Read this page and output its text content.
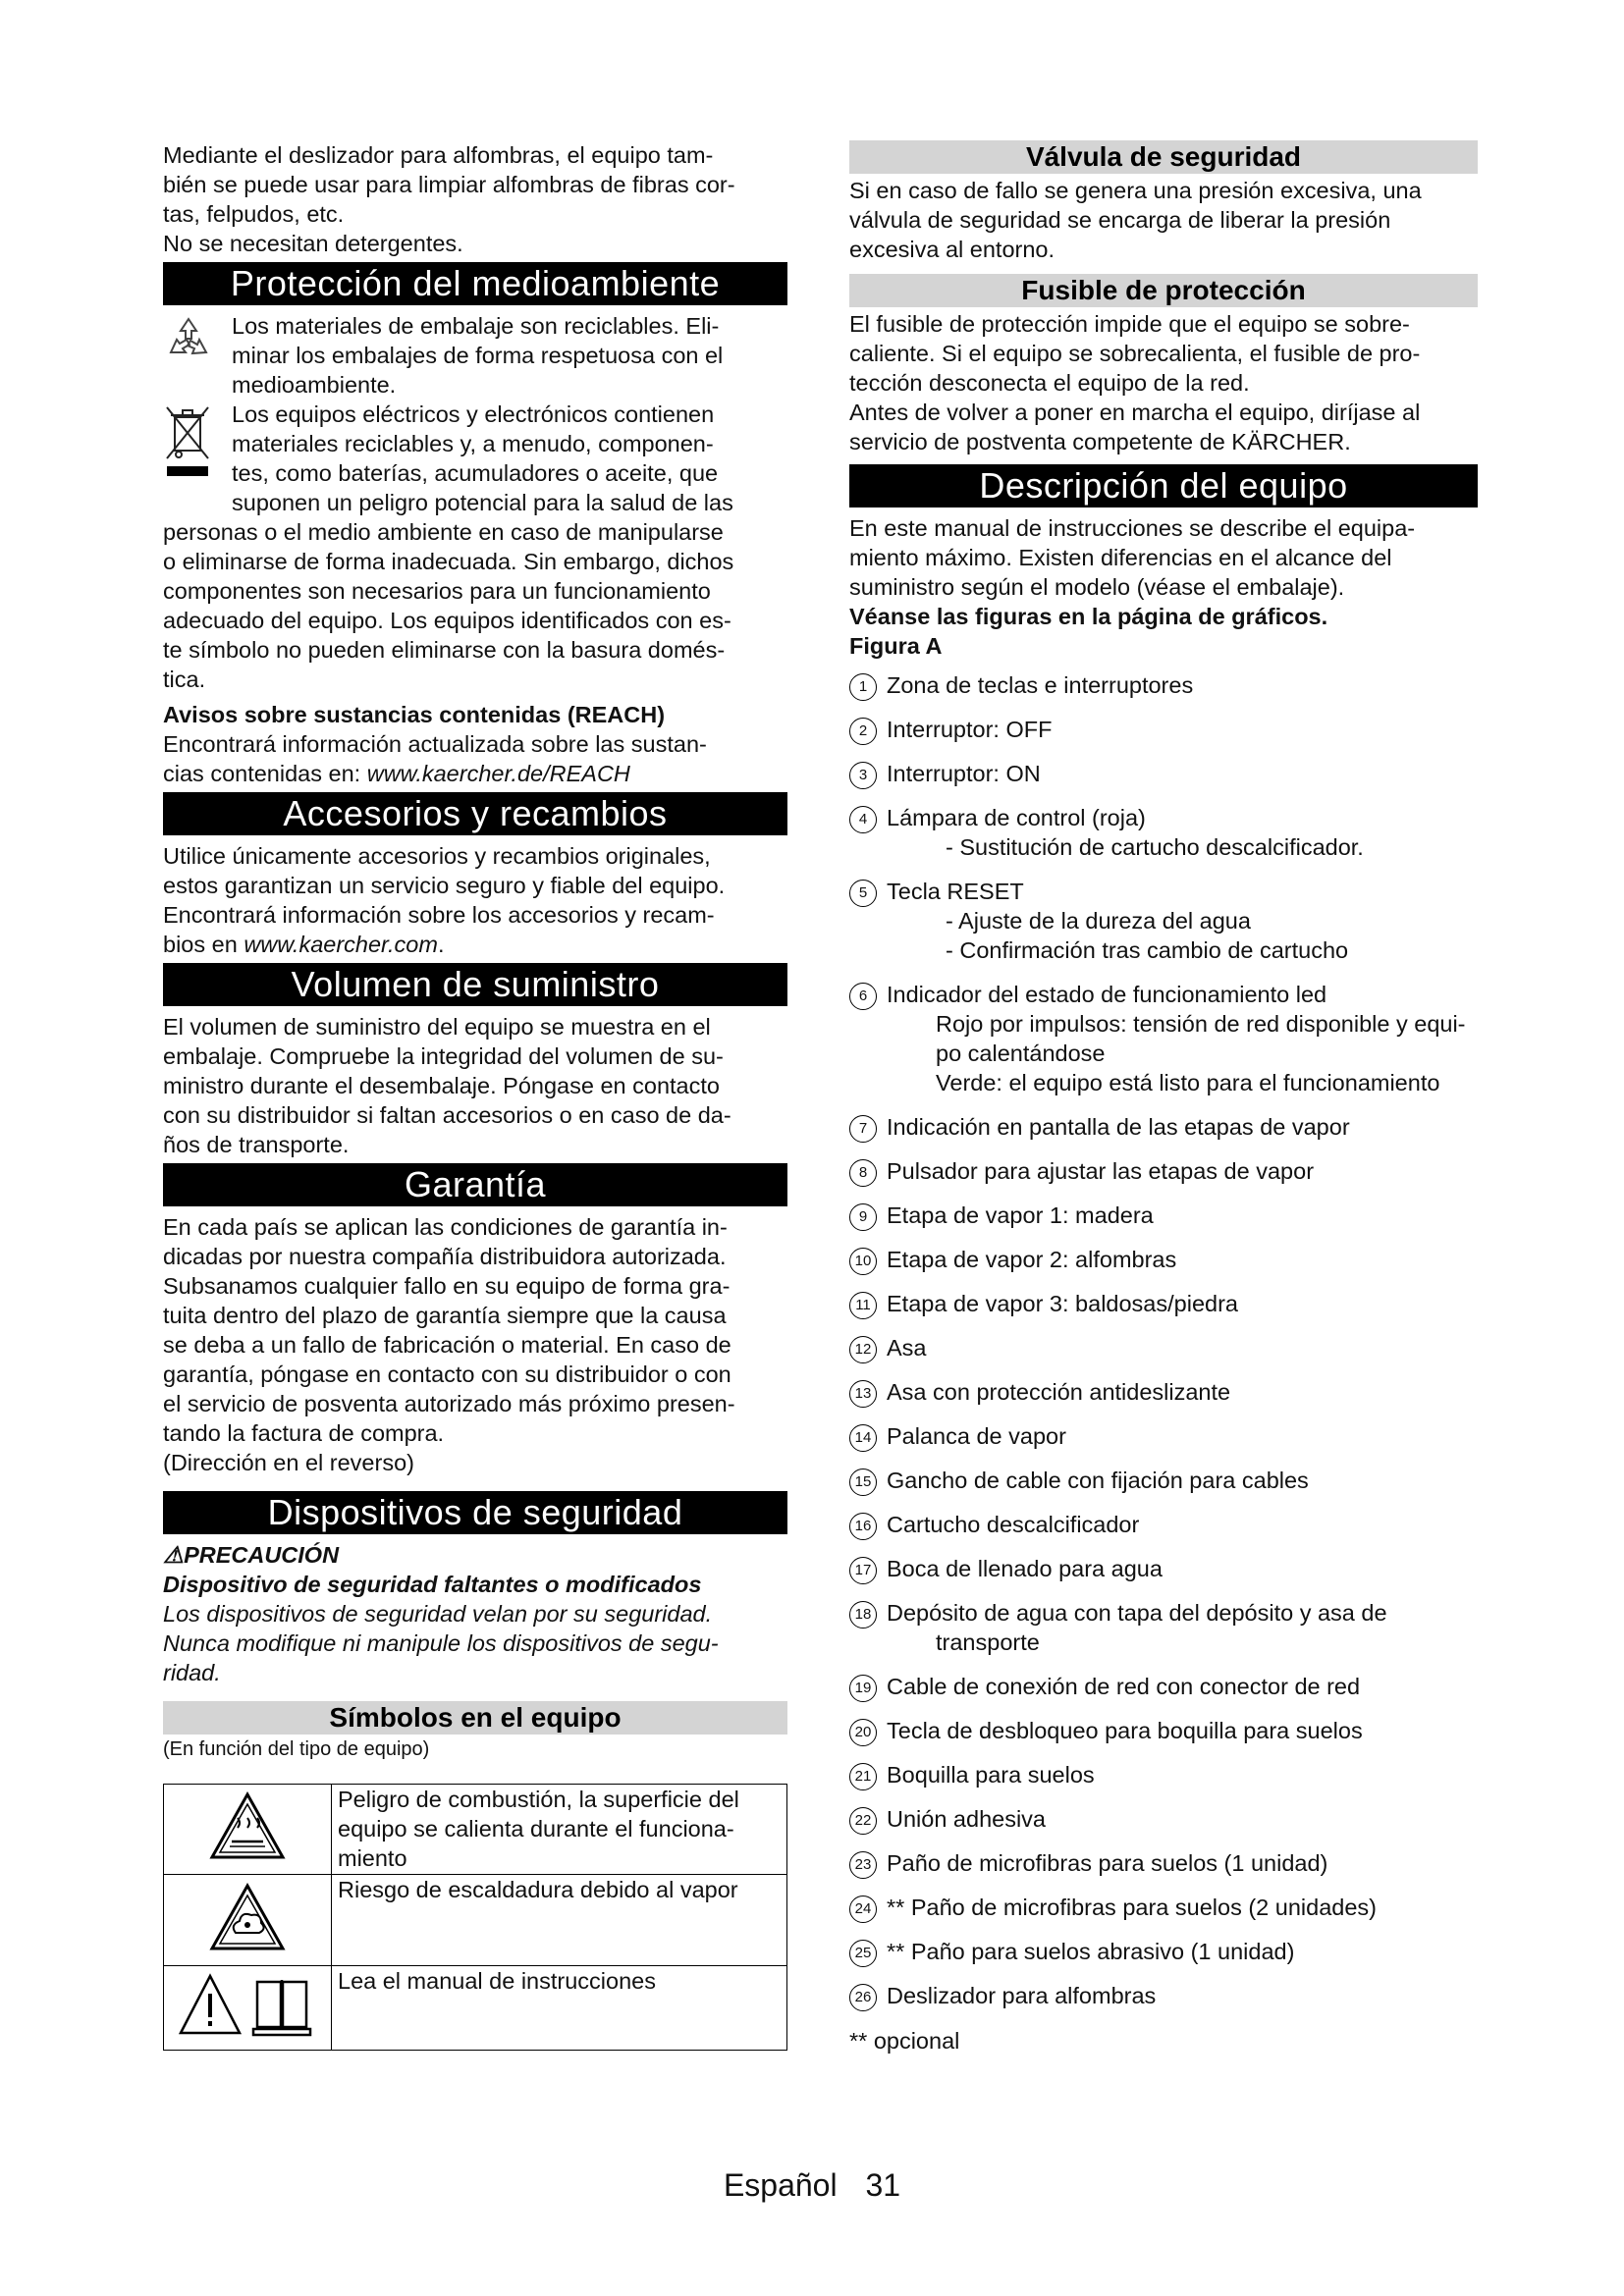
Mediante el deslizador para alfombras, el equipo tam-

bién se puede usar para limpiar alfombras de fibras cor-

tas, felpudos, etc.

No se necesitan detergentes.

Protección del medioambiente

Los materiales de embalaje son reciclables. Eli-

minar los embalajes de forma respetuosa con el

medioambiente.

Los equipos eléctricos y electrónicos contienen

materiales reciclables y, a menudo, componen-

tes, como baterías, acumuladores o aceite, que

suponen un peligro potencial para la salud de las

personas o el medio ambiente en caso de manipularse

o eliminarse de forma inadecuada. Sin embargo, dichos

componentes son necesarios para un funcionamiento

adecuado del equipo. Los equipos identificados con es-

te símbolo no pueden eliminarse con la basura domés-

tica.

Avisos sobre sustancias contenidas (REACH)

Encontrará información actualizada sobre las sustan-

cias contenidas en: www.kaercher.de/REACH

Accesorios y recambios

Utilice únicamente accesorios y recambios originales,

estos garantizan un servicio seguro y fiable del equipo.

Encontrará información sobre los accesorios y recam-

bios en www.kaercher.com.

Volumen de suministro

El volumen de suministro del equipo se muestra en el

embalaje. Compruebe la integridad del volumen de su-

ministro durante el desembalaje. Póngase en contacto

con su distribuidor si faltan accesorios o en caso de da-

ños de transporte.

Garantía

En cada país se aplican las condiciones de garantía in-

dicadas por nuestra compañía distribuidora autorizada.

Subsanamos cualquier fallo en su equipo de forma gra-

tuita dentro del plazo de garantía siempre que la causa

se deba a un fallo de fabricación o material. En caso de

garantía, póngase en contacto con su distribuidor o con

el servicio de posventa autorizado más próximo presen-

tando la factura de compra.

(Dirección en el reverso)

Dispositivos de seguridad

⚠PRECAUCIÓN

Dispositivo de seguridad faltantes o modificados

Los dispositivos de seguridad velan por su seguridad.

Nunca modifique ni manipule los dispositivos de segu-

ridad.

Símbolos en el equipo

(En función del tipo de equipo)

Peligro de combustión, la superficie del
equipo se calienta durante el funciona-
miento

Riesgo de escaldadura debido al vapor

Lea el manual de instrucciones
Válvula de seguridad

Si en caso de fallo se genera una presión excesiva, una

válvula de seguridad se encarga de liberar la presión

excesiva al entorno.

Fusible de protección

El fusible de protección impide que el equipo se sobre-

caliente. Si el equipo se sobrecalienta, el fusible de pro-

tección desconecta el equipo de la red.

Antes de volver a poner en marcha el equipo, diríjase al

servicio de postventa competente de KÄRCHER.

Descripción del equipo

En este manual de instrucciones se describe el equipa-

miento máximo. Existen diferencias en el alcance del

suministro según el modelo (véase el embalaje).

Véanse las figuras en la página de gráficos.

Figura A

1 Zona de teclas e interruptores
2 Interruptor: OFF
3 Interruptor: ON
4 Lámpara de control (roja)
- Sustitución de cartucho descalcificador.
5 Tecla RESET
- Ajuste de la dureza del agua
- Confirmación tras cambio de cartucho
6 Indicador del estado de funcionamiento led
Rojo por impulsos: tensión de red disponible y equi-
po calentándose
Verde: el equipo está listo para el funcionamiento
7 Indicación en pantalla de las etapas de vapor
8 Pulsador para ajustar las etapas de vapor
9 Etapa de vapor 1: madera
10 Etapa de vapor 2: alfombras
11 Etapa de vapor 3: baldosas/piedra
12 Asa
13 Asa con protección antideslizante
14 Palanca de vapor
15 Gancho de cable con fijación para cables
16 Cartucho descalcificador
17 Boca de llenado para agua
18 Depósito de agua con tapa del depósito y asa de
transporte
19 Cable de conexión de red con conector de red
20 Tecla de desbloqueo para boquilla para suelos
21 Boquilla para suelos
22 Unión adhesiva
23 Paño de microfibras para suelos (1 unidad)
24 ** Paño de microfibras para suelos (2 unidades)
25 ** Paño para suelos abrasivo (1 unidad)
26 Deslizador para alfombras

** opcional

Español 31
